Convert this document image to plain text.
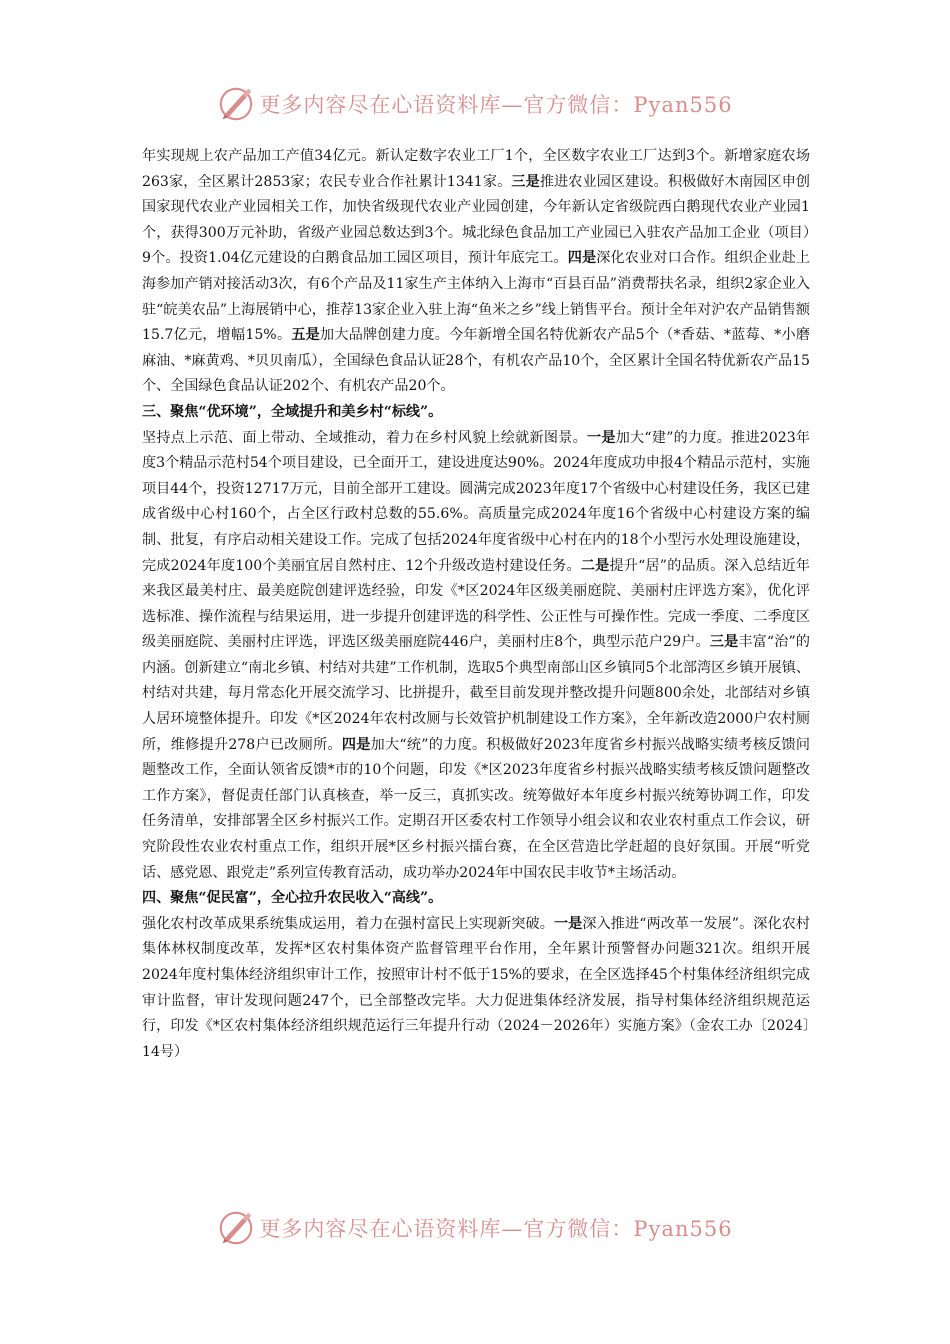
更多内容尽在心语资料库—官方微信：Pyan556

年实现规上农产品加工产值34亿元。新认定数字农业工厂1个，全区数字农业工厂达到3个。新增家庭农场263家，全区累计2853家；农民专业合作社累计1341家。三是推进农业园区建设。积极做好木南园区申创国家现代农业产业园相关工作，加快省级现代农业产业园创建，今年新认定省级院西白鹅现代农业产业园1个，获得300万元补助，省级产业园总数达到3个。城北绿色食品加工产业园已入驻农产品加工企业（项目）9个。投资1.04亿元建设的白鹅食品加工园区项目，预计年底完工。四是深化农业对口合作。组织企业赴上海参加产销对接活动3次，有6个产品及11家生产主体纳入上海市“百县百品”消费帮扶名录，组织2家企业入驻“皖美农品”上海展销中心，推荐13家企业入驻上海“鱼米之乡”线上销售平台。预计全年对沪农产品销售额15.7亿元，增幅15%。五是加大品牌创建力度。今年新增全国名特优新农产品5个（*香菇、*蓝莓、*小磨麻油、*麻黄鸡、*贝贝南瓜），全国绿色食品认证28个，有机农产品10个，全区累计全国名特优新农产品15个、全国绿色食品认证202个、有机农产品20个。

三、聚焦“优环境”，全域提升和美乡村“标线”。

坚持点上示范、面上带动、全域推动，着力在乡村风貌上绘就新图景。一是加大“建”的力度。推进2023年度3个精品示范村54个项目建设，已全面开工，建设进度达90%。2024年度成功申报4个精品示范村，实施项目44个，投资12717万元，目前全部开工建设。圆满完成2023年度17个省级中心村建设任务，我区已建成省级中心村160个，占全区行政村总数的55.6%。高质量完成2024年度16个省级中心村建设方案的编制、批复，有序启动相关建设工作。完成了包括2024年度省级中心村在内的18个小型污水处理设施建设，完成2024年度100个美丽宜居自然村庄、12个升级改造村建设任务。二是提升“居”的品质。深入总结近年来我区最美村庄、最美庭院创建评选经验，印发《*区2024年区级美丽庭院、美丽村庄评选方案》，优化评选标准、操作流程与结果运用，进一步提升创建评选的科学性、公正性与可操作性。完成一季度、二季度区级美丽庭院、美丽村庄评选，评选区级美丽庭院446户，美丽村庄8个，典型示范户29户。三是丰富“治”的内涵。创新建立“南北乡镇、村结对共建”工作机制，选取5个典型南部山区乡镇同5个北部湾区乡镇开展镇、村结对共建，每月常态化开展交流学习、比拼提升，截至目前发现并整改提升问题800余处，北部结对乡镇人居环境整体提升。印发《*区2024年农村改厕与长效管护机制建设工作方案》，全年新改造2000户农村厕所，维修提升278户已改厕所。四是加大“统”的力度。积极做好2023年度省乡村振兴战略实绩考核反馈问题整改工作，全面认领省反馈*市的10个问题，印发《*区2023年度省乡村振兴战略实绩考核反馈问题整改工作方案》，督促责任部门认真核查，举一反三，真抓实改。统筹做好本年度乡村振兴统筹协调工作，印发任务清单，安排部署全区乡村振兴工作。定期召开区委农村工作领导小组会议和农业农村重点工作会议，研究阶段性农业农村重点工作，组织开展*区乡村振兴擂台赛，在全区营造比学赶超的良好氛围。开展“听党话、感党恩、跟党走”系列宣传教育活动，成功举办2024年中国农民丰收节*主场活动。

四、聚焦“促民富”，全心拉升农民收入“高线”。

强化农村改革成果系统集成运用，着力在强村富民上实现新突破。一是深入推进“两改革一发展”。深化农村集体林权制度改革，发挥*区农村集体资产监督管理平台作用，全年累计预警督办问题321次。组织开展2024年度村集体经济组织审计工作，按照审计村不低于15%的要求，在全区选择45个村集体经济组织完成审计监督，审计发现问题247个，已全部整改完毕。大力促进集体经济发展，指导村集体经济组织规范运行，印发《*区农村集体经济组织规范运行三年提升行动（2024－2026年）实施方案》（金农工办〔2024〕14号）

更多内容尽在心语资料库—官方微信：Pyan556
